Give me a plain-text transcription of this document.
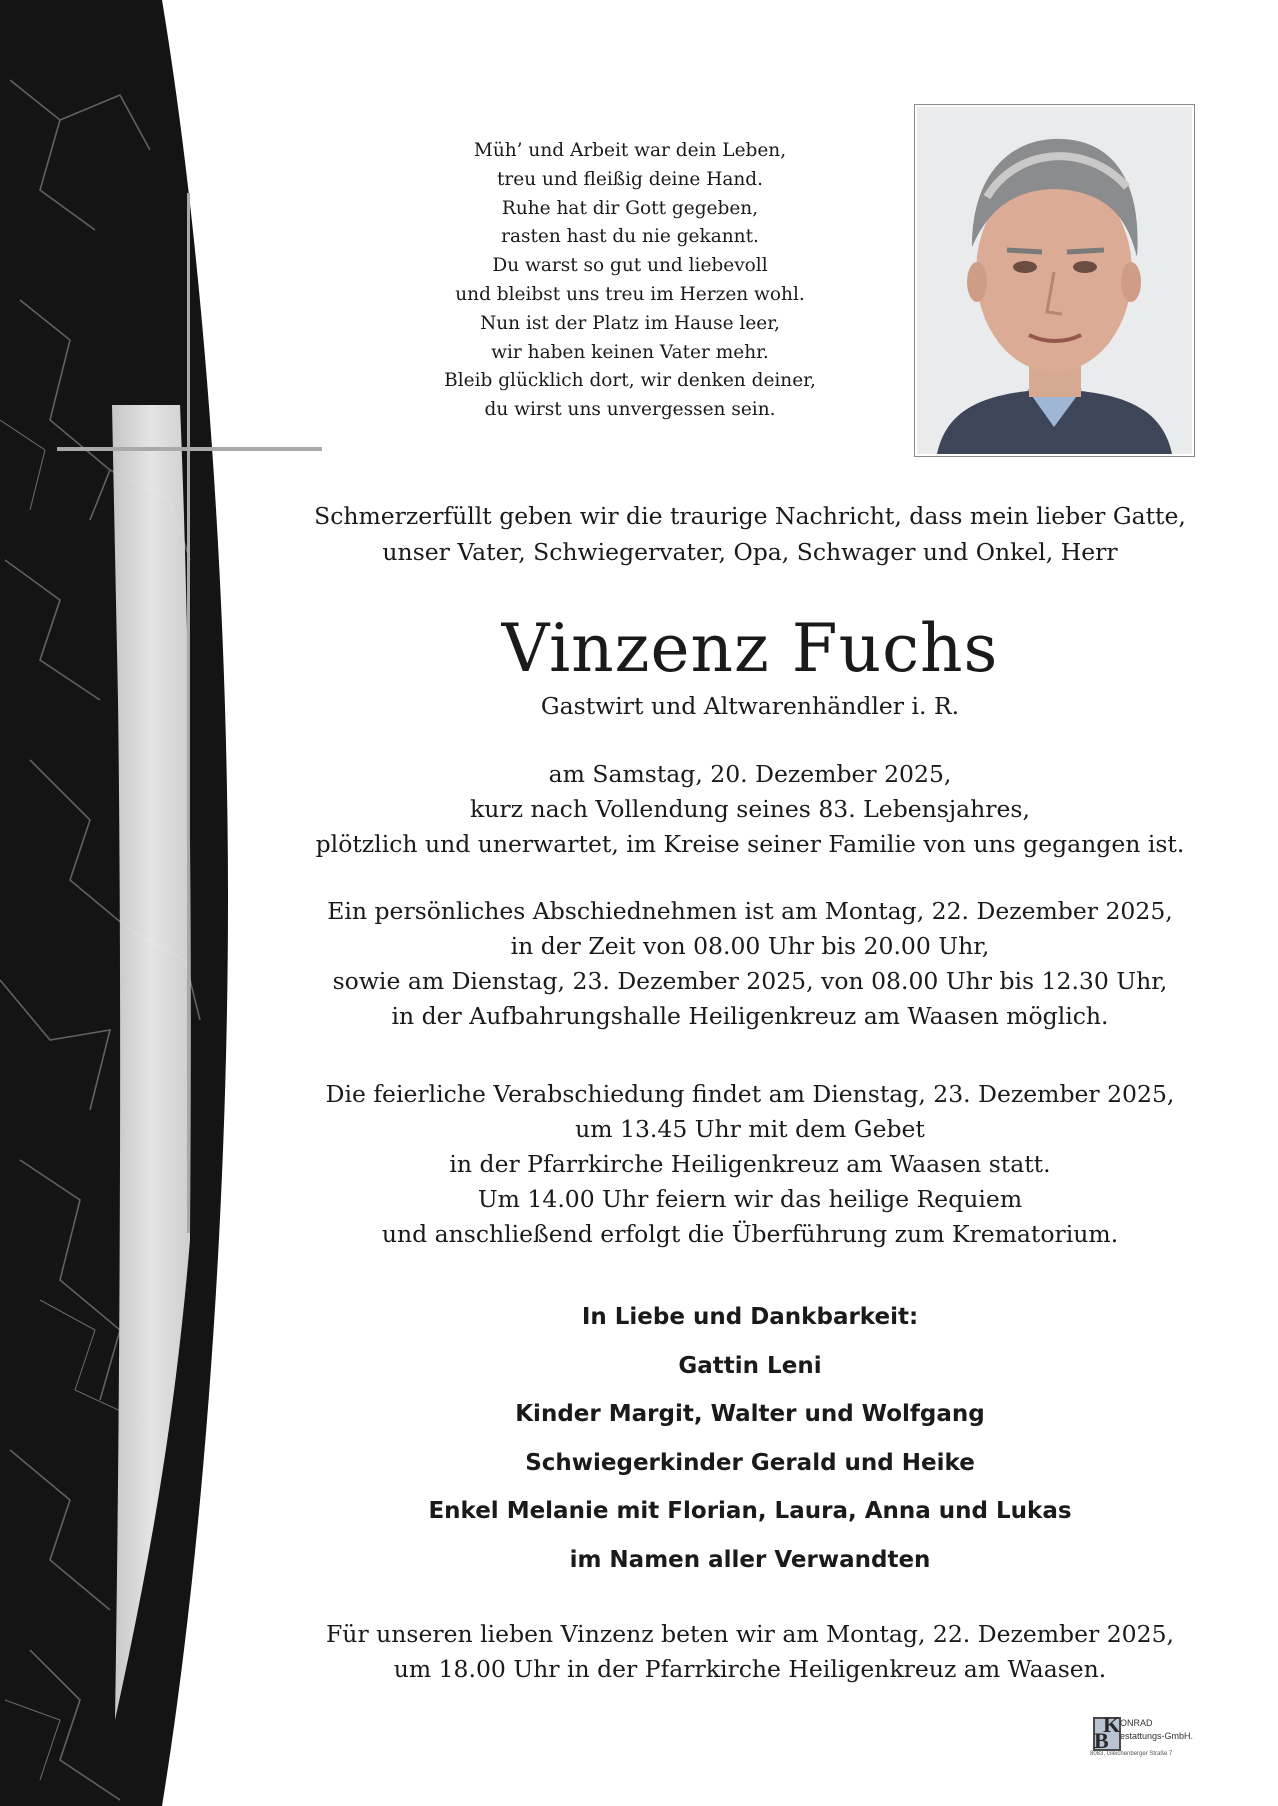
Müh’ und Arbeit war dein Leben,
treu und fleißig deine Hand.
Ruhe hat dir Gott gegeben,
rasten hast du nie gekannt.
Du warst so gut und liebevoll
und bleibst uns treu im Herzen wohl.
Nun ist der Platz im Hause leer,
wir haben keinen Vater mehr.
Bleib glücklich dort, wir denken deiner,
du wirst uns unvergessen sein.
Schmerzerfüllt geben wir die traurige Nachricht, dass mein lieber Gatte,
unser Vater, Schwiegervater, Opa, Schwager und Onkel, Herr
Vinzenz Fuchs
Gastwirt und Altwarenhändler i. R.
am Samstag, 20. Dezember 2025,
kurz nach Vollendung seines 83. Lebensjahres,
plötzlich und unerwartet, im Kreise seiner Familie von uns gegangen ist.
Ein persönliches Abschiednehmen ist am Montag, 22. Dezember 2025,
in der Zeit von 08.00 Uhr bis 20.00 Uhr,
sowie am Dienstag, 23. Dezember 2025, von 08.00 Uhr bis 12.30 Uhr,
in der Aufbahrungshalle Heiligenkreuz am Waasen möglich.
Die feierliche Verabschiedung findet am Dienstag, 23. Dezember 2025,
um 13.45 Uhr mit dem Gebet
in der Pfarrkirche Heiligenkreuz am Waasen statt.
Um 14.00 Uhr feiern wir das heilige Requiem
und anschließend erfolgt die Überführung zum Krematorium.
In Liebe und Dankbarkeit:
Gattin Leni
Kinder Margit, Walter und Wolfgang
Schwiegerkinder Gerald und Heike
Enkel Melanie mit Florian, Laura, Anna und Lukas
im Namen aller Verwandten
Für unseren lieben Vinzenz beten wir am Montag, 22. Dezember 2025,
um 18.00 Uhr in der Pfarrkirche Heiligenkreuz am Waasen.
K
B
ONRAD
estattungs-GmbH.
8083, Gleichenberger Straße 7
